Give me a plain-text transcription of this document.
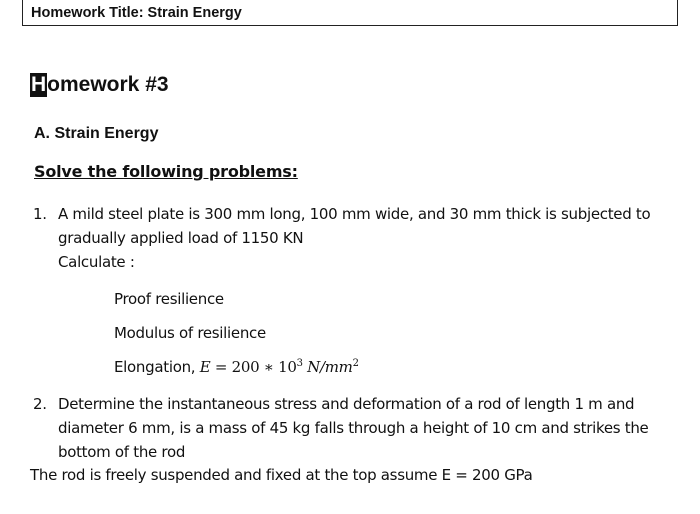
Homework Title: Strain Energy
Homework #3
A. Strain Energy
Solve the following problems:
1. A mild steel plate is 300 mm long, 100 mm wide, and 30 mm thick is subjected to
gradually applied load of 1150 KN
Calculate :
Proof resilience
Modulus of resilience
Elongation, E = 200 ∗ $10^3$ $N/mm^2$
2. Determine the instantaneous stress and deformation of a rod of length 1 m and
diameter 6 mm, is a mass of 45 kg falls through a height of 10 cm and strikes the
bottom of the rod
The rod is freely suspended and fixed at the top assume E = 200 GPa
